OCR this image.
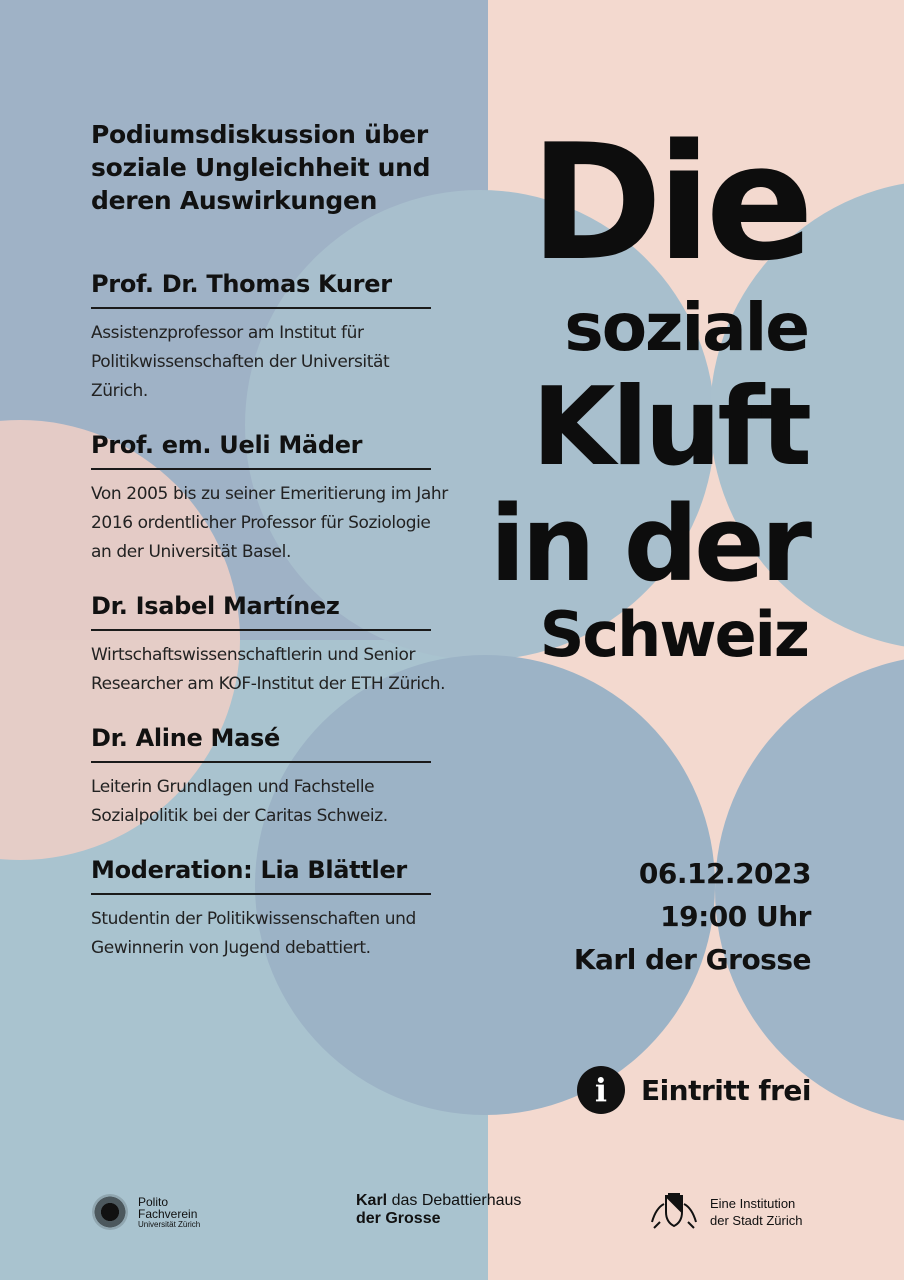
Podiumsdiskussion über soziale Ungleichheit und deren Auswirkungen

Prof. Dr. Thomas Kurer
Assistenzprofessor am Institut für Politikwissenschaften der Universität Zürich.
Prof. em. Ueli Mäder
Von 2005 bis zu seiner Emeritierung im Jahr 2016 ordentlicher Professor für Soziologie an der Universität Basel.
Dr. Isabel Martínez
Wirtschaftswissenschaftlerin und Senior Researcher am KOF-Institut der ETH Zürich.
Dr. Aline Masé
Leiterin Grundlagen und Fachstelle Sozialpolitik bei der Caritas Schweiz.
Moderation: Lia Blättler
Studentin der Politikwissenschaften und Gewinnerin von Jugend debattiert.
Die
soziale
Kluft
in der
Schweiz
06.12.2023
19:00 Uhr
Karl der Grosse
i	Eintritt frei
Polito
Fachverein
Universität Zürich
Karl das Debattierhaus
der Grosse
Eine Institution
der Stadt Zürich
